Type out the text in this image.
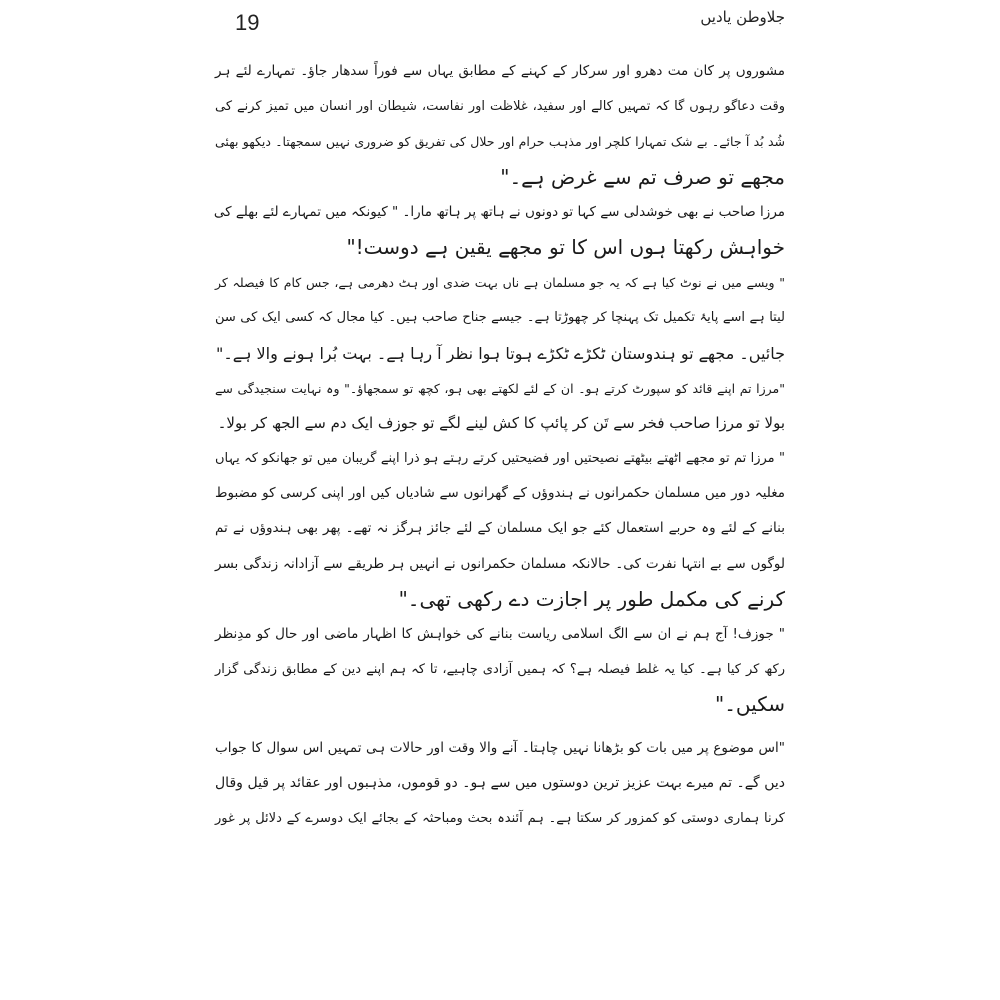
19	جلاوطن یادیں
مشوروں پر کان مت دھرو اور سرکار کے کہنے کے مطابق یہاں سے فوراً سدھار جاؤ۔ تمہارے لئے ہر
وقت دعاگو رہوں گا کہ تمہیں کالے اور سفید، غلاظت اور نفاست، شیطان اور انسان میں تمیز کرنے کی
شُد بُد آ جائے۔ بے شک تمہارا کلچر اور مذہب حرام اور حلال کی تفریق کو ضروری نہیں سمجھتا۔ دیکھو بھئی
مجھے تو صرف تم سے غرض ہے۔"
مرزا صاحب نے بھی خوشدلی سے کہا تو دونوں نے ہاتھ پر ہاتھ مارا۔ " کیونکہ میں تمہارے لئے بھلے کی
خواہش رکھتا ہوں اس کا تو مجھے یقین ہے دوست!"
" ویسے میں نے نوٹ کیا ہے کہ یہ جو مسلمان ہے ناں بہت ضدی اور ہٹ دھرمی ہے، جس کام کا فیصلہ کر
لیتا ہے اسے پایۂ تکمیل تک پہنچا کر چھوڑتا ہے۔ جیسے جناح صاحب ہیں۔ کیا مجال کہ کسی ایک کی سن
جائیں۔ مجھے تو ہندوستان ٹکڑے ٹکڑے ہوتا ہوا نظر آ رہا ہے۔ بہت بُرا ہونے والا ہے۔"
"مرزا تم اپنے قائد کو سپورٹ کرتے ہو۔ ان کے لئے لکھتے بھی ہو، کچھ تو سمجھاؤ۔" وہ نہایت سنجیدگی سے
بولا تو مرزا صاحب فخر سے تَن کر پائپ کا کش لینے لگے تو جوزف ایک دم سے الجھ کر بولا۔
" مرزا تم تو مجھے اٹھتے بیٹھتے نصیحتیں اور فضیحتیں کرتے رہتے ہو ذرا اپنے گریبان میں تو جھانکو کہ یہاں
مغلیہ دور میں مسلمان حکمرانوں نے ہندوؤں کے گھرانوں سے شادیاں کیں اور اپنی کرسی کو مضبوط
بنانے کے لئے وہ حربے استعمال کئے جو ایک مسلمان کے لئے جائز ہرگز نہ تھے۔ پھر بھی ہندوؤں نے تم
لوگوں سے بے انتہا نفرت کی۔ حالانکہ مسلمان حکمرانوں نے انہیں ہر طریقے سے آزادانہ زندگی بسر
کرنے کی مکمل طور پر اجازت دے رکھی تھی۔"
" جوزف! آج ہم نے ان سے الگ اسلامی ریاست بنانے کی خواہش کا اظہار ماضی اور حال کو مدِنظر
رکھ کر کیا ہے۔ کیا یہ غلط فیصلہ ہے؟ کہ ہمیں آزادی چاہیے، تا کہ ہم اپنے دین کے مطابق زندگی گزار
سکیں۔"
"اس موضوع پر میں بات کو بڑھانا نہیں چاہتا۔ آنے والا وقت اور حالات ہی تمہیں اس سوال کا جواب
دیں گے۔ تم میرے بہت عزیز ترین دوستوں میں سے ہو۔ دو قوموں، مذہبوں اور عقائد پر قیل وقال
کرنا ہماری دوستی کو کمزور کر سکتا ہے۔ ہم آئندہ بحث ومباحثہ کے بجائے ایک دوسرے کے دلائل پر غور
